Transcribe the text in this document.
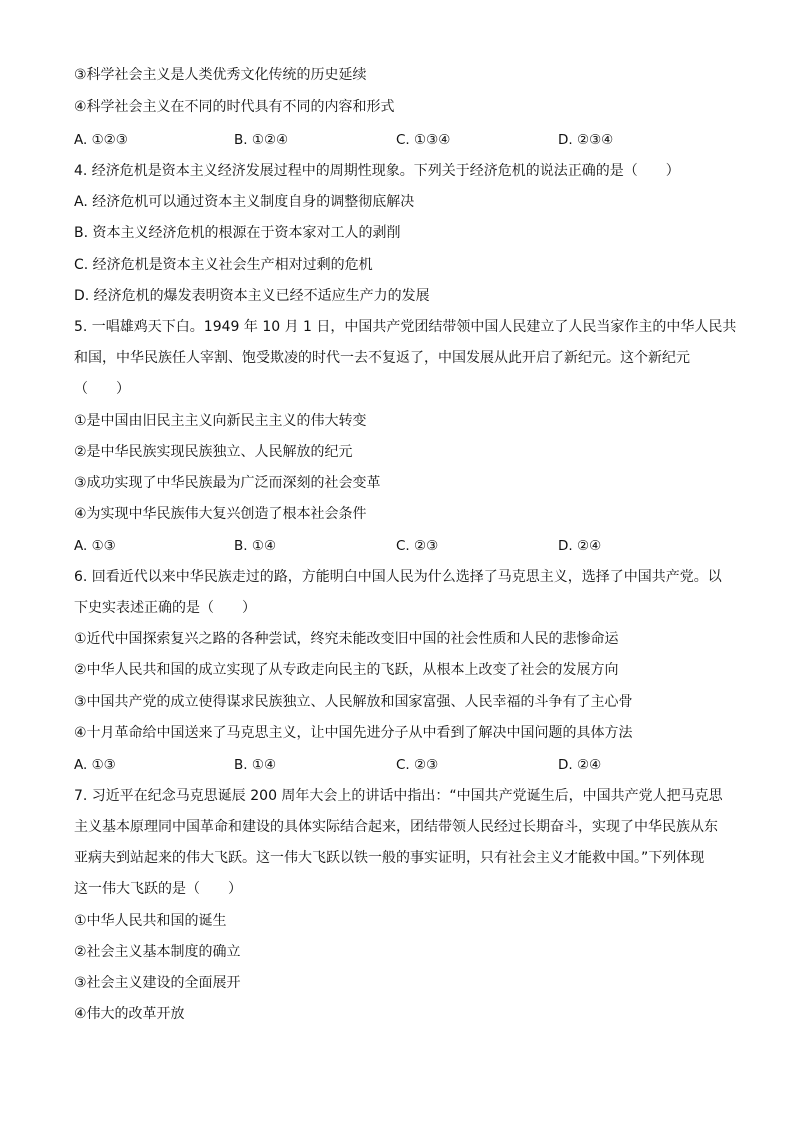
③科学社会主义是人类优秀文化传统的历史延续
④科学社会主义在不同的时代具有不同的内容和形式
A. ①②③	B. ①②④	C. ①③④	D. ②③④
4. 经济危机是资本主义经济发展过程中的周期性现象。下列关于经济危机的说法正确的是（　　）
A. 经济危机可以通过资本主义制度自身的调整彻底解决
B. 资本主义经济危机的根源在于资本家对工人的剥削
C. 经济危机是资本主义社会生产相对过剩的危机
D. 经济危机的爆发表明资本主义已经不适应生产力的发展
5. 一唱雄鸡天下白。1949 年 10 月 1 日，中国共产党团结带领中国人民建立了人民当家作主的中华人民共
和国，中华民族任人宰割、饱受欺凌的时代一去不复返了，中国发展从此开启了新纪元。这个新纪元
（　　）
①是中国由旧民主主义向新民主主义的伟大转变
②是中华民族实现民族独立、人民解放的纪元
③成功实现了中华民族最为广泛而深刻的社会变革
④为实现中华民族伟大复兴创造了根本社会条件
A. ①③	B. ①④	C. ②③	D. ②④
6. 回看近代以来中华民族走过的路，方能明白中国人民为什么选择了马克思主义，选择了中国共产党。以
下史实表述正确的是（　　）
①近代中国探索复兴之路的各种尝试，终究未能改变旧中国的社会性质和人民的悲惨命运
②中华人民共和国的成立实现了从专政走向民主的飞跃，从根本上改变了社会的发展方向
③中国共产党的成立使得谋求民族独立、人民解放和国家富强、人民幸福的斗争有了主心骨
④十月革命给中国送来了马克思主义，让中国先进分子从中看到了解决中国问题的具体方法
A. ①③	B. ①④	C. ②③	D. ②④
7. 习近平在纪念马克思诞辰 200 周年大会上的讲话中指出：“中国共产党诞生后，中国共产党人把马克思
主义基本原理同中国革命和建设的具体实际结合起来，团结带领人民经过长期奋斗，实现了中华民族从东
亚病夫到站起来的伟大飞跃。这一伟大飞跃以铁一般的事实证明，只有社会主义才能救中国。”下列体现
这一伟大飞跃的是（　　）
①中华人民共和国的诞生
②社会主义基本制度的确立
③社会主义建设的全面展开
④伟大的改革开放
